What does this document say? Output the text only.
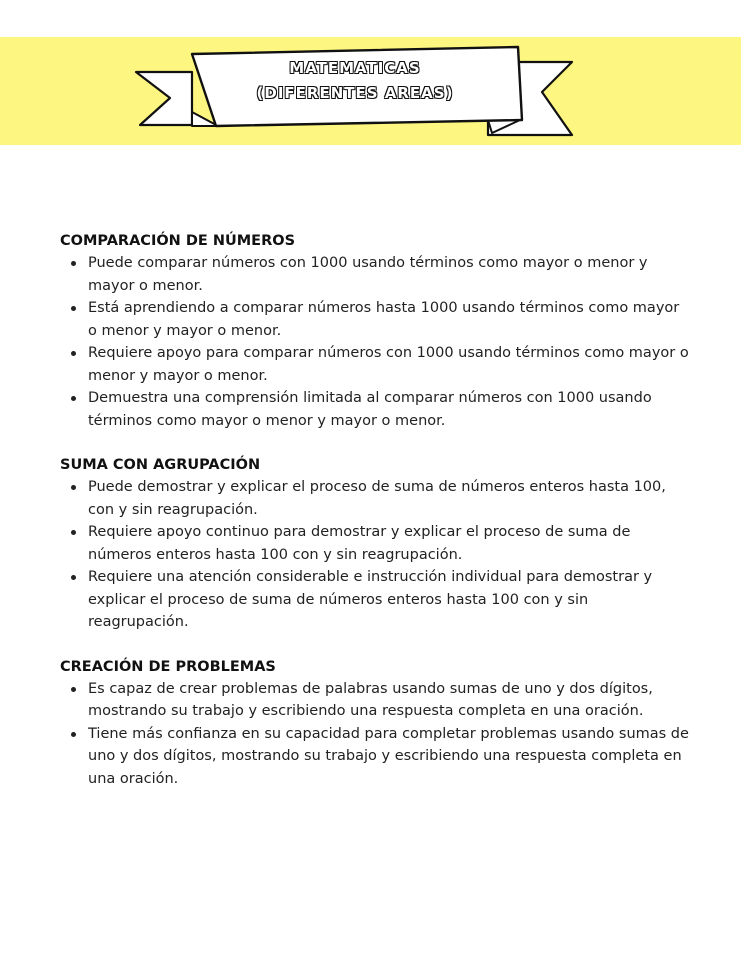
MATEMATICAS
(DIFERENTES AREAS)
COMPARACIÓN DE NÚMEROS
Puede comparar números con 1000 usando términos como mayor o menor y mayor o menor.
Está aprendiendo a comparar números hasta 1000 usando términos como mayor o menor y mayor o menor.
Requiere apoyo para comparar números con 1000 usando términos como mayor o menor y mayor o menor.
Demuestra una comprensión limitada al comparar números con 1000 usando términos como mayor o menor y mayor o menor.
SUMA CON AGRUPACIÓN
Puede demostrar y explicar el proceso de suma de números enteros hasta 100, con y sin reagrupación.
Requiere apoyo continuo para demostrar y explicar el proceso de suma de números enteros hasta 100 con y sin reagrupación.
Requiere una atención considerable e instrucción individual para demostrar y explicar el proceso de suma de números enteros hasta 100 con y sin reagrupación.
CREACIÓN DE PROBLEMAS
Es capaz de crear problemas de palabras usando sumas de uno y dos dígitos, mostrando su trabajo y escribiendo una respuesta completa en una oración.
Tiene más confianza en su capacidad para completar problemas usando sumas de uno y dos dígitos, mostrando su trabajo y escribiendo una respuesta completa en una oración.
